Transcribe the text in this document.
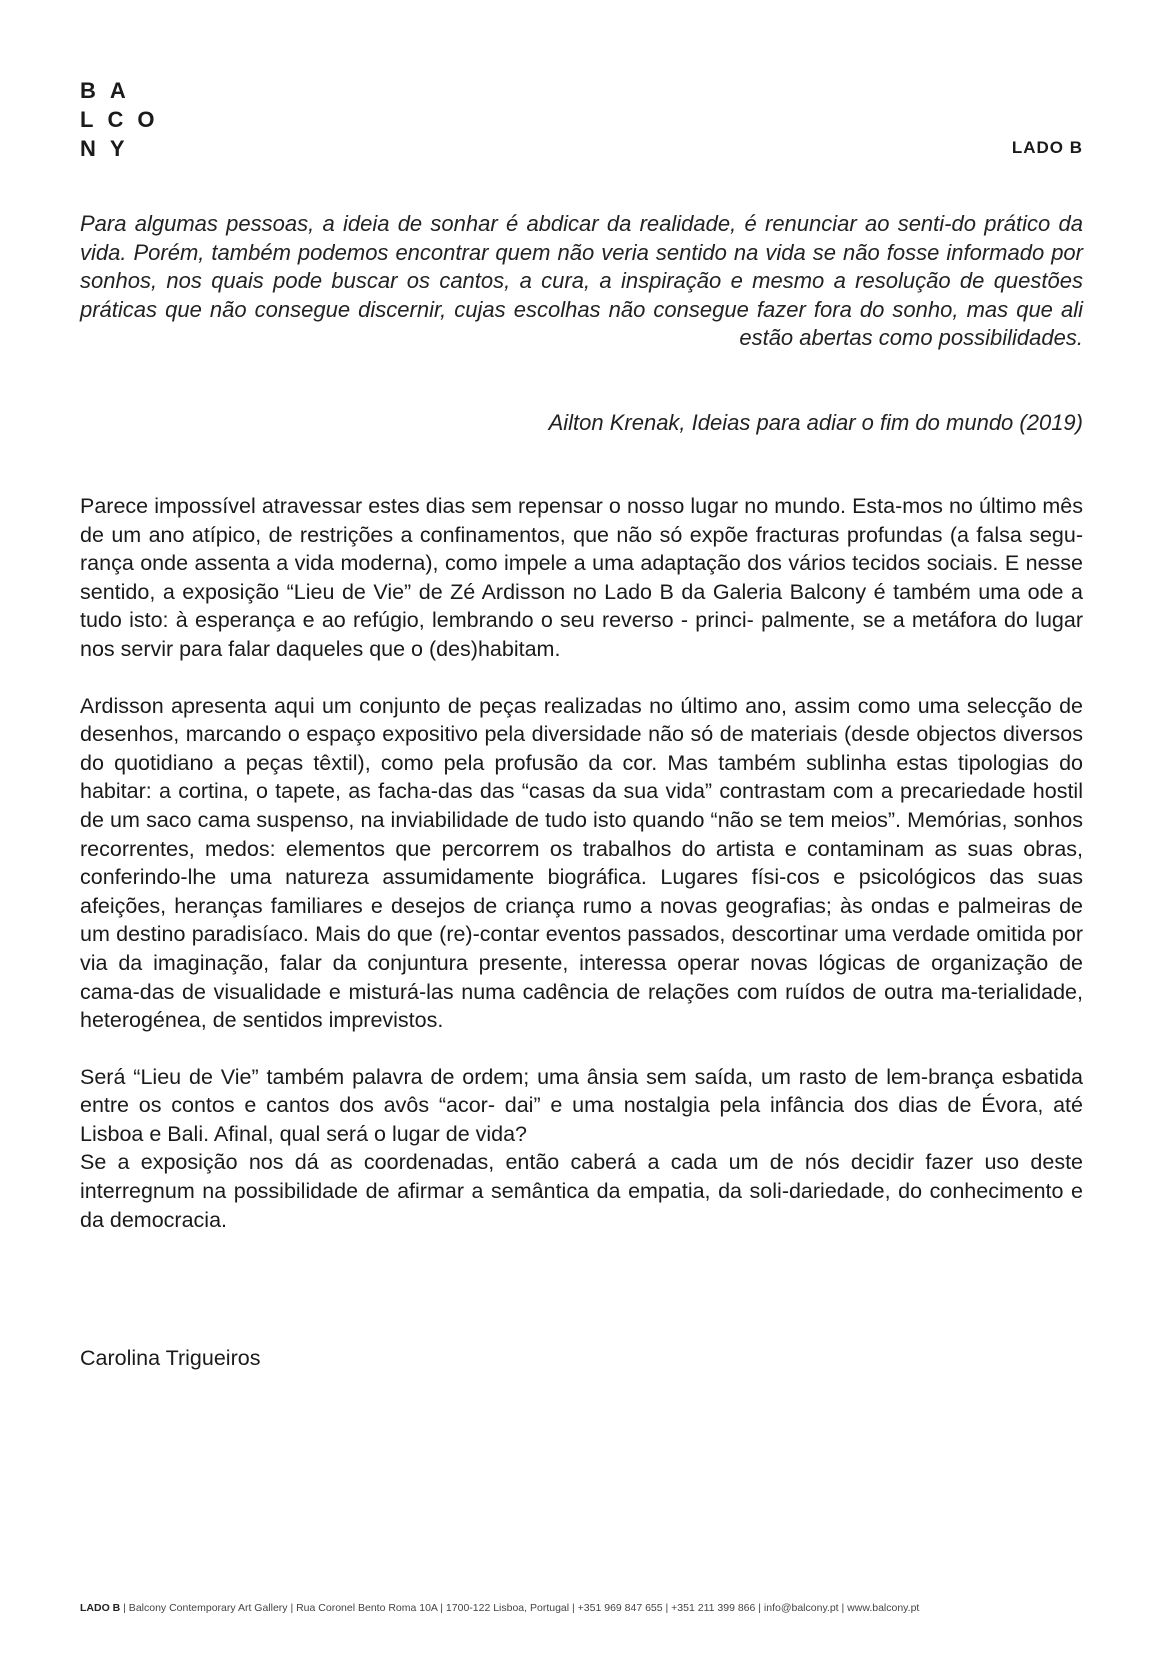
BA
LCO
NY	LADO B

Para algumas pessoas, a ideia de sonhar é abdicar da realidade, é renunciar ao senti-do prático da vida. Porém, também podemos encontrar quem não veria sentido na vida se não fosse informado por sonhos, nos quais pode buscar os cantos, a cura, a inspiração e mesmo a resolução de questões práticas que não consegue discernir, cujas escolhas não consegue fazer fora do sonho, mas que ali estão abertas como possibilidades.

Ailton Krenak, Ideias para adiar o fim do mundo (2019)

Parece impossível atravessar estes dias sem repensar o nosso lugar no mundo. Esta-mos no último mês de um ano atípico, de restrições a confinamentos, que não só expõe fracturas profundas (a falsa segu- rança onde assenta a vida moderna), como impele a uma adaptação dos vários tecidos sociais. E nesse sentido, a exposição “Lieu de Vie” de Zé Ardisson no Lado B da Galeria Balcony é também uma ode a tudo isto: à esperança e ao refúgio, lembrando o seu reverso - princi- palmente, se a metáfora do lugar nos servir para falar daqueles que o (des)habitam.

Ardisson apresenta aqui um conjunto de peças realizadas no último ano, assim como uma selecção de desenhos, marcando o espaço expositivo pela diversidade não só de materiais (desde objectos diversos do quotidiano a peças têxtil), como pela profusão da cor. Mas também sublinha estas tipologias do habitar: a cortina, o tapete, as facha-das das “casas da sua vida” contrastam com a precariedade hostil de um saco cama suspenso, na inviabilidade de tudo isto quando “não se tem meios”. Memórias, sonhos recorrentes, medos: elementos que percorrem os trabalhos do artista e contaminam as suas obras, conferindo-lhe uma natureza assumidamente biográfica. Lugares físi-cos e psicológicos das suas afeições, heranças familiares e desejos de criança rumo a novas geografias; às ondas e palmeiras de um destino paradisíaco. Mais do que (re)-contar eventos passados, descortinar uma verdade omitida por via da imaginação, falar da conjuntura presente, interessa operar novas lógicas de organização de cama-das de visualidade e misturá-las numa cadência de relações com ruídos de outra ma-terialidade, heterogénea, de sentidos imprevistos.

Será “Lieu de Vie” também palavra de ordem; uma ânsia sem saída, um rasto de lem-brança esbatida entre os contos e cantos dos avôs “acor- dai” e uma nostalgia pela infância dos dias de Évora, até Lisboa e Bali. Afinal, qual será o lugar de vida?

Se a exposição nos dá as coordenadas, então caberá a cada um de nós decidir fazer uso deste interregnum na possibilidade de afirmar a semântica da empatia, da soli-dariedade, do conhecimento e da democracia.

Carolina Trigueiros
LADO B | Balcony Contemporary Art Gallery | Rua Coronel Bento Roma 10A | 1700-122 Lisboa, Portugal | +351 969 847 655 | +351 211 399 866 | info@balcony.pt | www.balcony.pt
